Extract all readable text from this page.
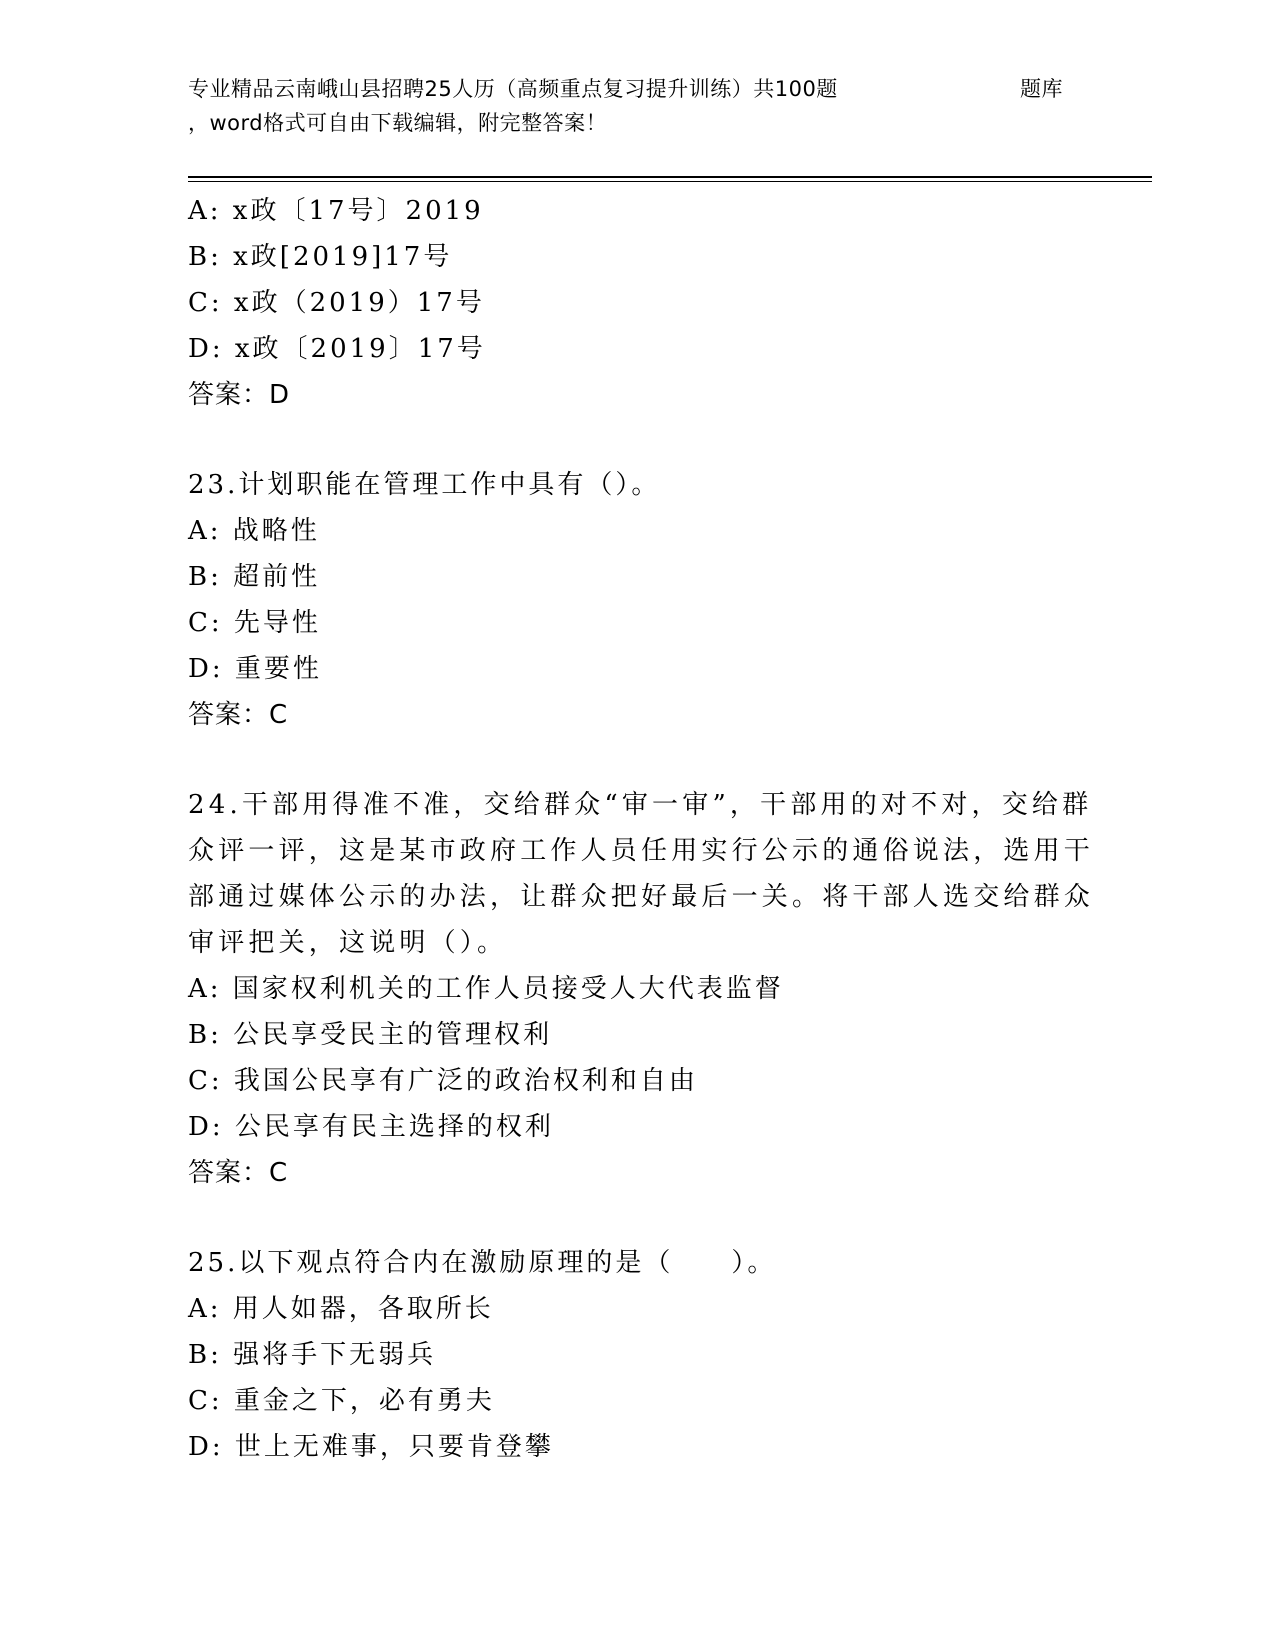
专业精品云南峨山县招聘25人历（高频重点复习提升训练）共100题	题库
，word格式可自由下载编辑，附完整答案！
A: x政〔17号〕2019
B: x政[2019]17号
C: x政（2019）17号
D: x政〔2019〕17号
答案：D
23.计划职能在管理工作中具有（）。
A: 战略性
B: 超前性
C: 先导性
D: 重要性
答案：C
24.干部用得准不准，交给群众“审一审”，干部用的对不对，交给群
众评一评，这是某市政府工作人员任用实行公示的通俗说法，选用干
部通过媒体公示的办法，让群众把好最后一关。将干部人选交给群众
审评把关，这说明（）。
A: 国家权利机关的工作人员接受人大代表监督
B: 公民享受民主的管理权利
C: 我国公民享有广泛的政治权利和自由
D: 公民享有民主选择的权利
答案：C
25.以下观点符合内在激励原理的是（　　）。
A: 用人如器，各取所长
B: 强将手下无弱兵
C: 重金之下，必有勇夫
D: 世上无难事，只要肯登攀
